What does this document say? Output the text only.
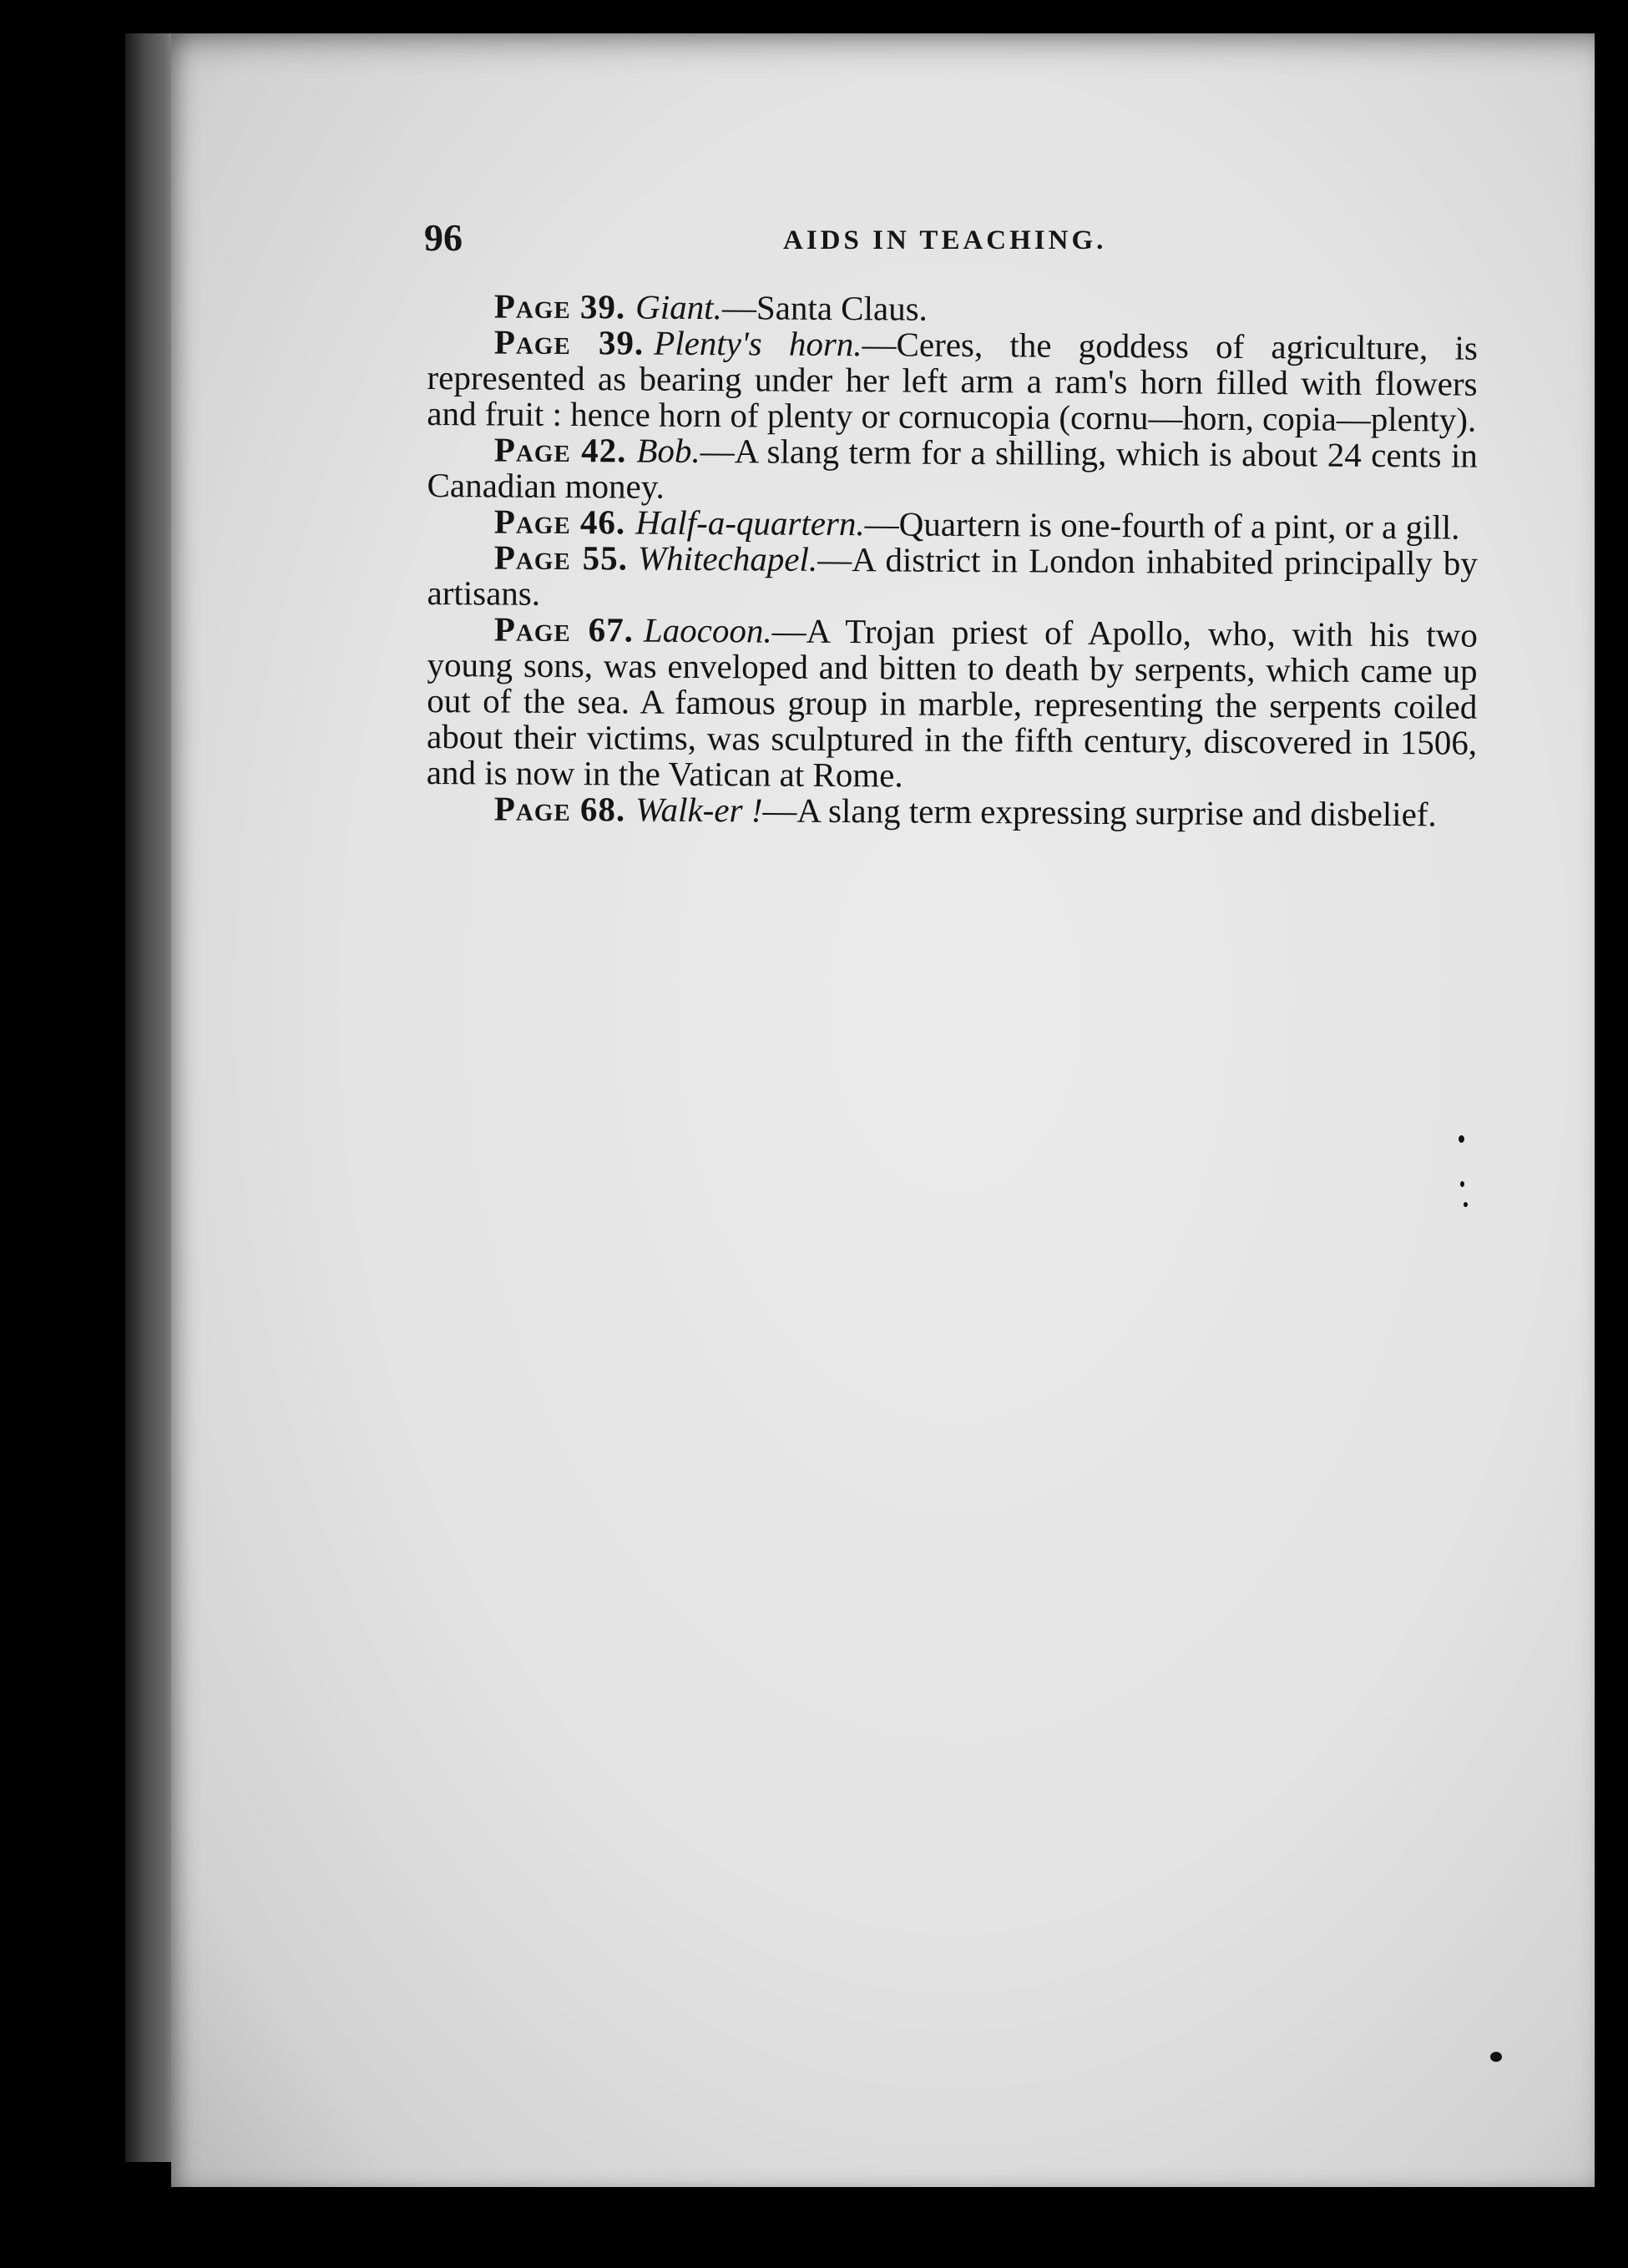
96	AIDS IN TEACHING.

Page 39. Giant.—Santa Claus.

Page 39. Plenty's horn.—Ceres, the goddess of agriculture, is represented as bearing under her left arm a ram's horn filled with flowers and fruit : hence horn of plenty or cornucopia (cornu—horn, copia—plenty).

Page 42. Bob.—A slang term for a shilling, which is about 24 cents in Canadian money.

Page 46. Half-a-quartern.—Quartern is one-fourth of a pint, or a gill.

Page 55. Whitechapel.—A district in London inhabited principally by artisans.

Page 67. Laocoon.—A Trojan priest of Apollo, who, with his two young sons, was enveloped and bitten to death by serpents, which came up out of the sea. A famous group in marble, representing the serpents coiled about their victims, was sculptured in the fifth century, discovered in 1506, and is now in the Vatican at Rome.

Page 68. Walk-er !—A slang term expressing surprise and disbelief.
